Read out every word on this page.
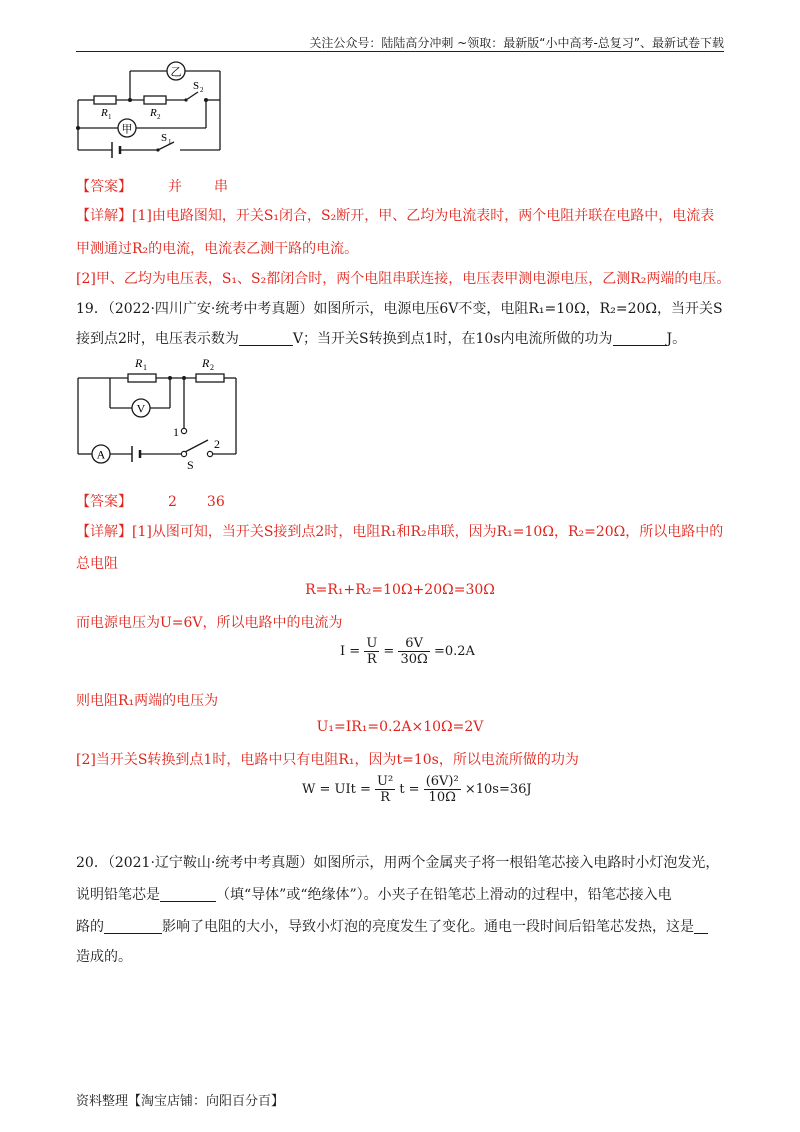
关注公众号：陆陆高分冲刺 ~领取：最新版“小中高考-总复习”、最新试卷下载
乙
甲
R 1	R 2
S 2
S 1
【答案】	并 串
【详解】[1]由电路图知，开关S₁闭合，S₂断开，甲、乙均为电流表时，两个电阻并联在电路中，电流表
甲测通过R₂的电流，电流表乙测干路的电流。
[2]甲、乙均为电压表，S₁、S₂都闭合时，两个电阻串联连接，电压表甲测电源电压，乙测R₂两端的电压。
19．（2022·四川广安·统考中考真题）如图所示，电源电压6V不变，电阻R₁=10Ω，R₂=20Ω，当开关S
接到点2时，电压表示数为	V；当开关S转换到点1时，在10s内电流所做的功为	J。
V
A
R 1	R 2
1
2
S
【答案】	2 36
【详解】[1]从图可知，当开关S接到点2时，电阻R₁和R₂串联，因为R₁=10Ω，R₂=20Ω，所以电路中的
总电阻
R=R₁+R₂=10Ω+20Ω=30Ω
而电源电压为U=6V，所以电路中的电流为
$I = \frac{U}{R} = \frac{6V}{30\Omega} =0.2A$
则电阻R₁两端的电压为
U₁=IR₁=0.2A×10Ω=2V
[2]当开关S转换到点1时，电路中只有电阻R₁，因为t=10s，所以电流所做的功为
W = UIt = $\frac{\text{U²}}{R}$ $t = \frac{\text{(6V)²}}{10\Omega} \times 10s=36J$
20．（2021·辽宁鞍山·统考中考真题）如图所示，用两个金属夹子将一根铅笔芯接入电路时小灯泡发光，
说明铅笔芯是	（填“导体”或“绝缘体”）。小夹子在铅笔芯上滑动的过程中，铅笔芯接入电
路的	影响了电阻的大小，导致小灯泡的亮度发生了变化。通电一段时间后铅笔芯发热，这是
造成的。
资料整理【淘宝店铺：向阳百分百】
